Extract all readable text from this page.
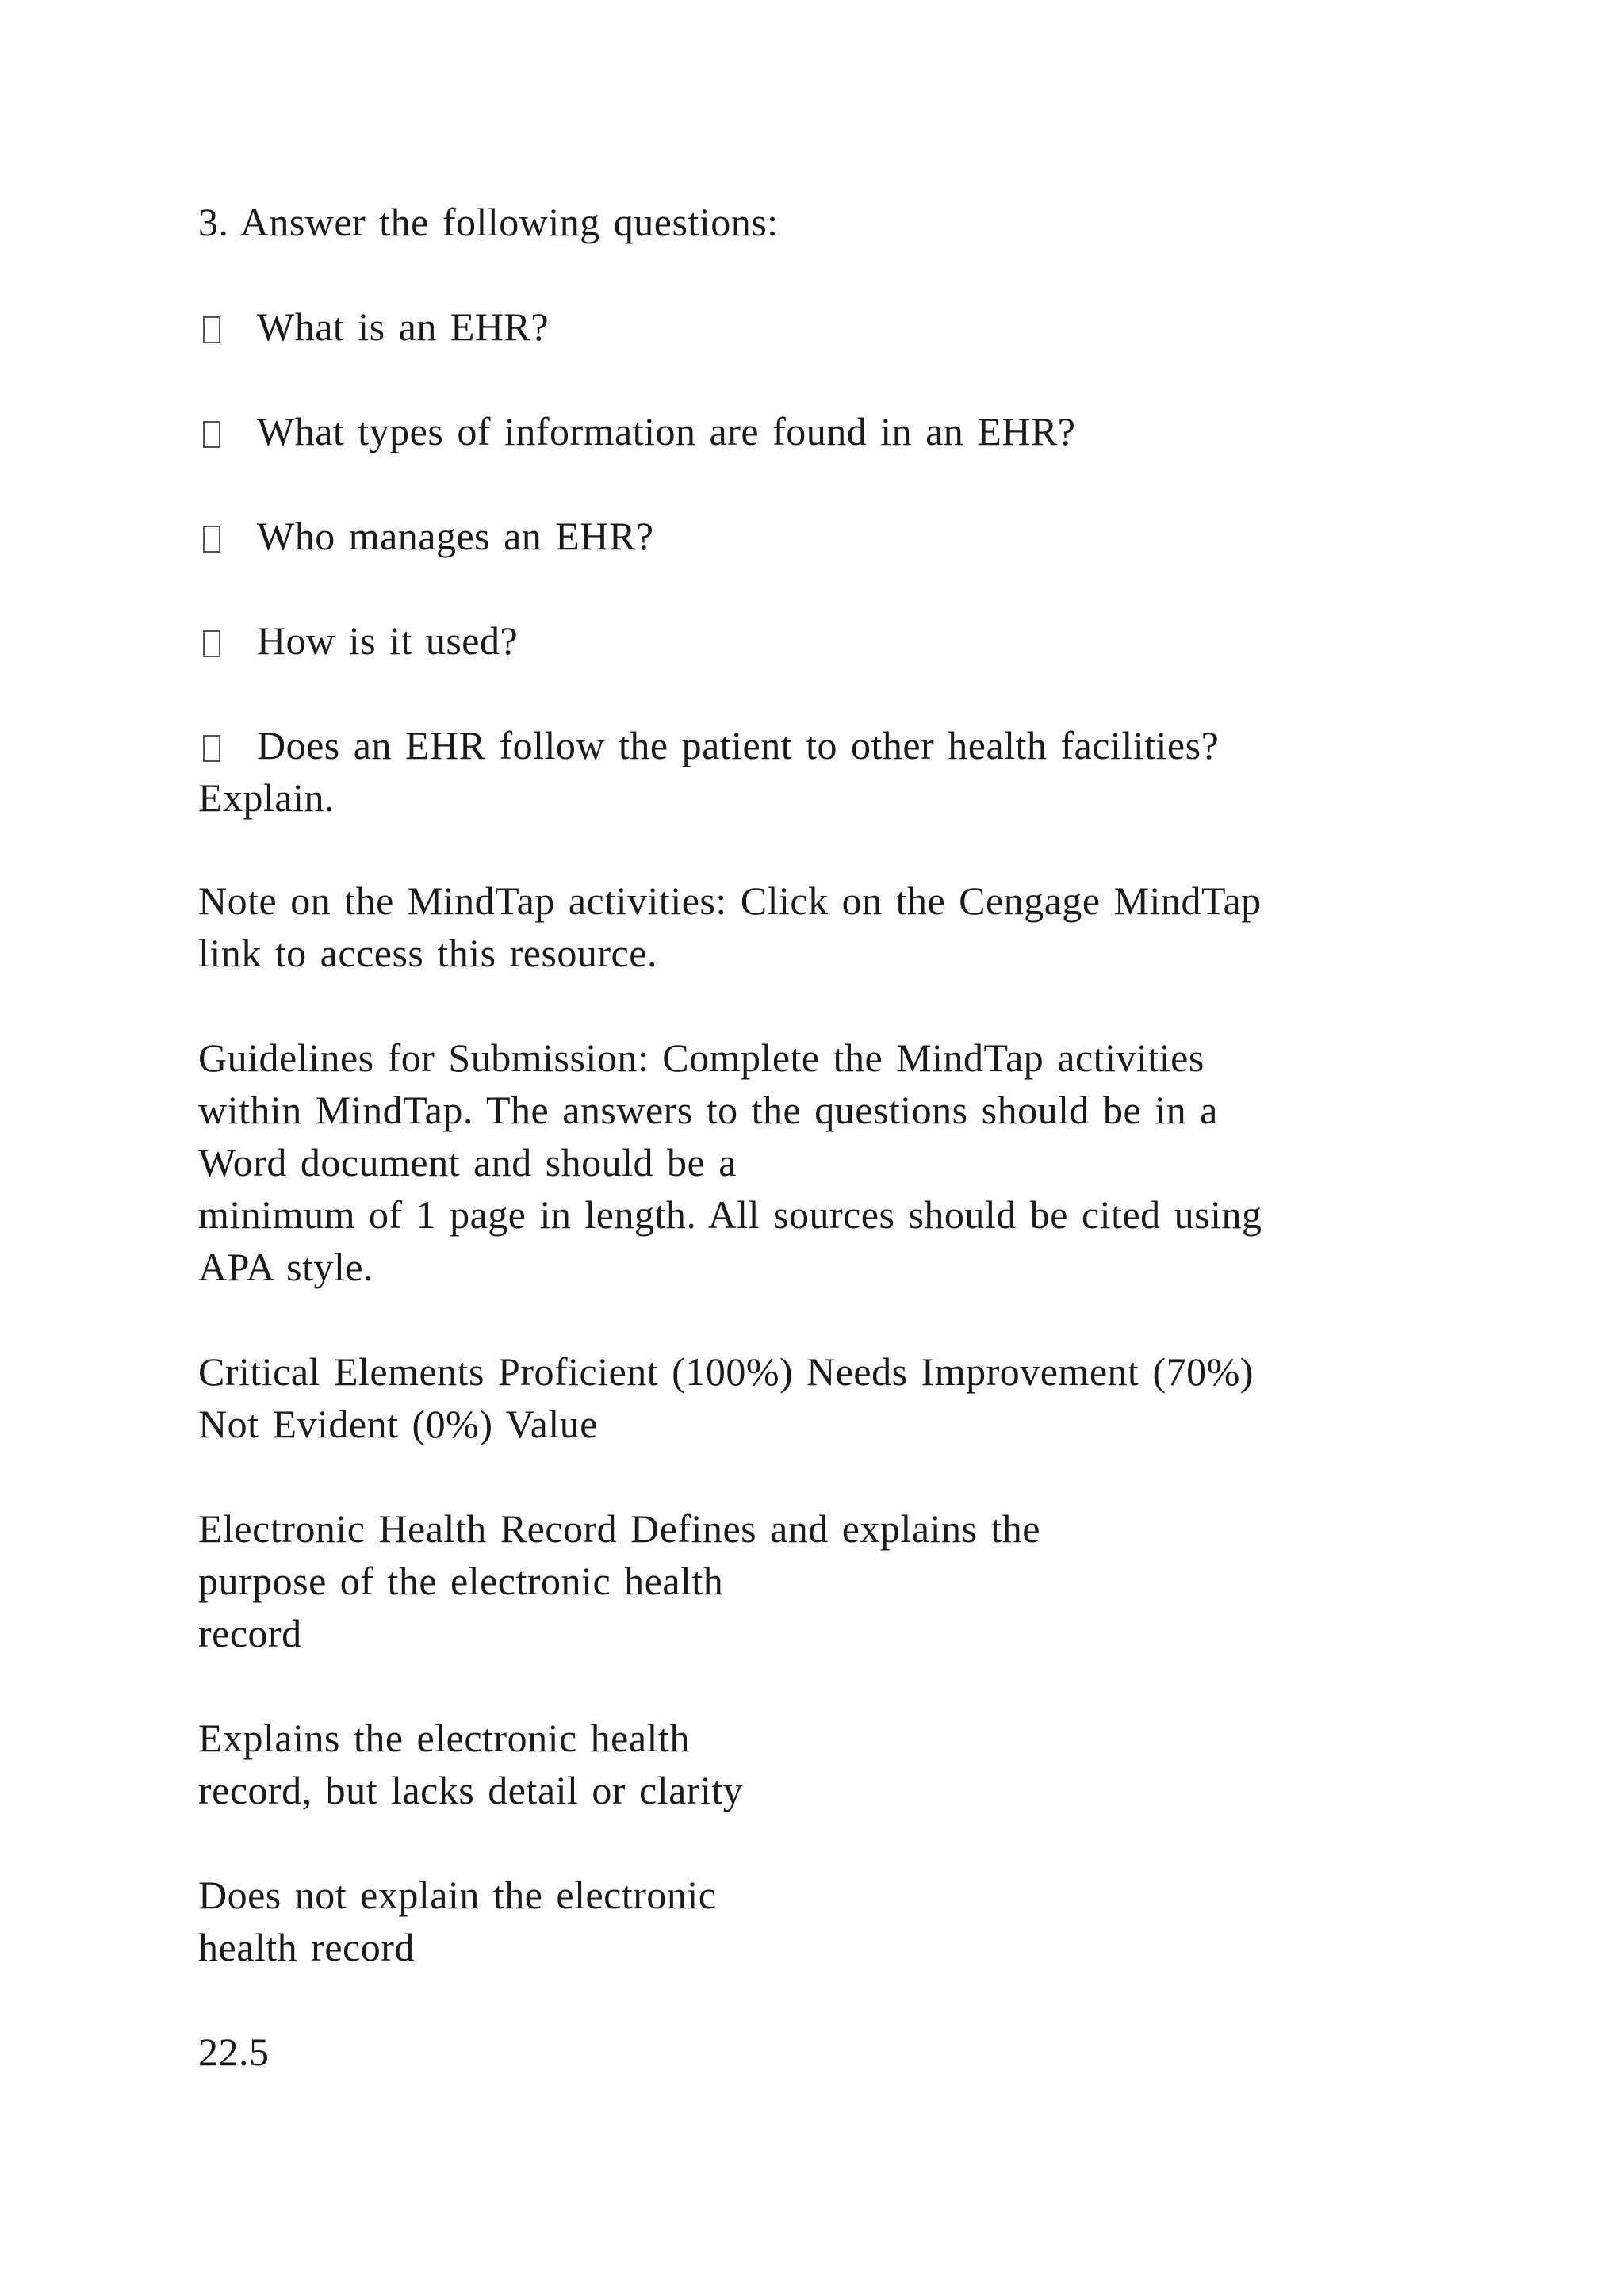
3. Answer the following questions:
What is an EHR?
What types of information are found in an EHR?
Who manages an EHR?
How is it used?
Does an EHR follow the patient to other health facilities?
Explain.
Note on the MindTap activities: Click on the Cengage MindTap
link to access this resource.
Guidelines for Submission: Complete the MindTap activities
within MindTap. The answers to the questions should be in a
Word document and should be a
minimum of 1 page in length. All sources should be cited using
APA style.
Critical Elements Proficient (100%) Needs Improvement (70%)
Not Evident (0%) Value
Electronic Health Record Defines and explains the
purpose of the electronic health
record
Explains the electronic health
record, but lacks detail or clarity
Does not explain the electronic
health record
22.5
